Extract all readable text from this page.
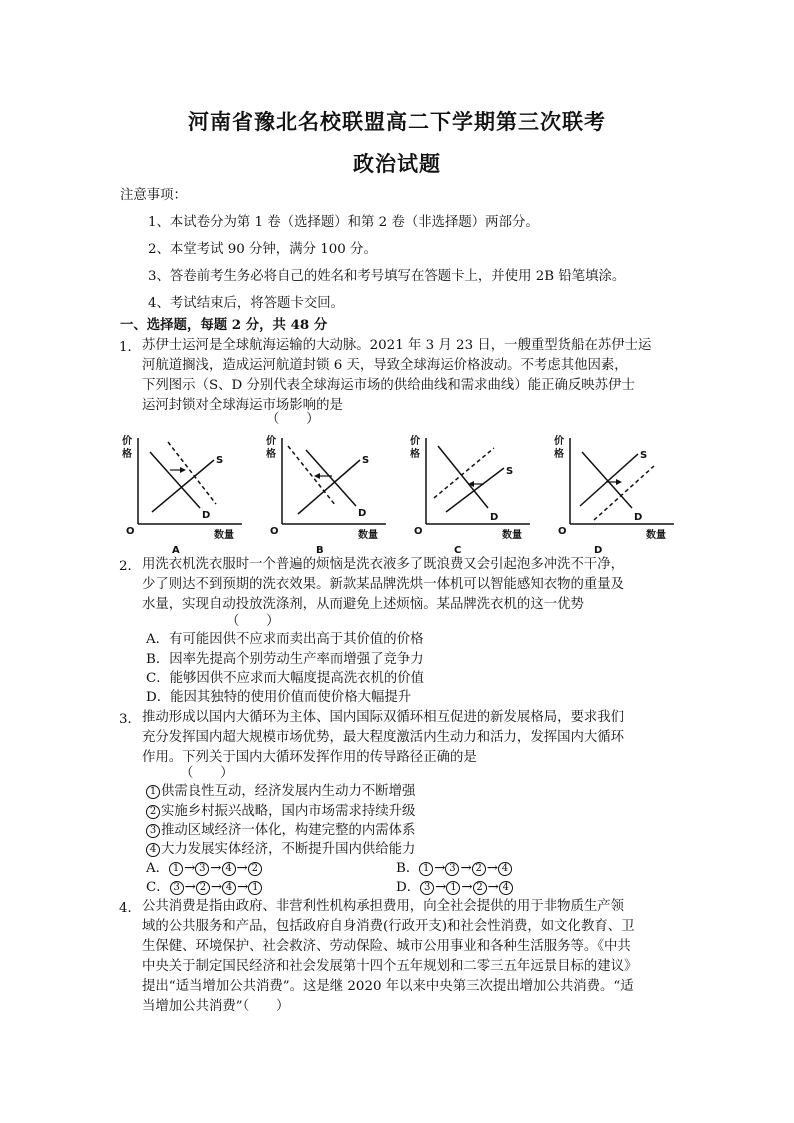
河南省豫北名校联盟高二下学期第三次联考
政治试题
注意事项：
1、本试卷分为第 1 卷（选择题）和第 2 卷（非选择题）两部分。
2、本堂考试 90 分钟，满分 100 分。
3、答卷前考生务必将自己的姓名和考号填写在答题卡上，并使用 2B 铅笔填涂。
4、考试结束后，将答题卡交回。
一、选择题，每题 2 分，共 48 分
1． 苏伊士运河是全球航海运输的大动脉。2021 年 3 月 23 日，一艘重型货船在苏伊士运
河航道搁浅，造成运河航道封锁 6 天，导致全球海运价格波动。不考虑其他因素，
下列图示（S、D 分别代表全球海运市场的供给曲线和需求曲线）能正确反映苏伊士
运河封锁对全球海运市场影响的是
（　　）
价
格
O	数量
S
D
A
价
格
O	数量
S
D
B
价
格
O	数量
S
D
C
价
格
O	数量
S
D
D
2． 用洗衣机洗衣服时一个普遍的烦恼是洗衣液多了既浪费又会引起泡多冲洗不干净，
少了则达不到预期的洗衣效果。新款某品牌洗烘一体机可以智能感知衣物的重量及
水量，实现自动投放洗涤剂，从而避免上述烦恼。某品牌洗衣机的这一优势
（　　）
A．有可能因供不应求而卖出高于其价值的价格
B．因率先提高个别劳动生产率而增强了竞争力
C．能够因供不应求而大幅度提高洗衣机的价值
D．能因其独特的使用价值而使价格大幅提升
3． 推动形成以国内大循环为主体、国内国际双循环相互促进的新发展格局，要求我们
充分发挥国内超大规模市场优势，最大程度激活内生动力和活力，发挥国内大循环
作用。下列关于国内大循环发挥作用的传导路径正确的是
（　　）
1 供需良性互动，经济发展内生动力不断增强
2 实施乡村振兴战略，国内市场需求持续升级
3 推动区域经济一体化，构建完整的内需体系
4 大力发展实体经济，不断提升国内供给能力
A． 1 → 3 → 4 → 2	B． 1 → 3 → 2 → 4
C． 3 → 2 → 4 → 1	D． 3 → 1 → 2 → 4
4． 公共消费是指由政府、非营利性机构承担费用，向全社会提供的用于非物质生产领
域的公共服务和产品，包括政府自身消费(行政开支)和社会性消费，如文化教育、卫
生保健、环境保护、社会救济、劳动保险、城市公用事业和各种生活服务等。《中共
中央关于制定国民经济和社会发展第十四个五年规划和二零三五年远景目标的建议》
提出“适当增加公共消费”。这是继 2020 年以来中央第三次提出增加公共消费。“适
当增加公共消费”（　　）
